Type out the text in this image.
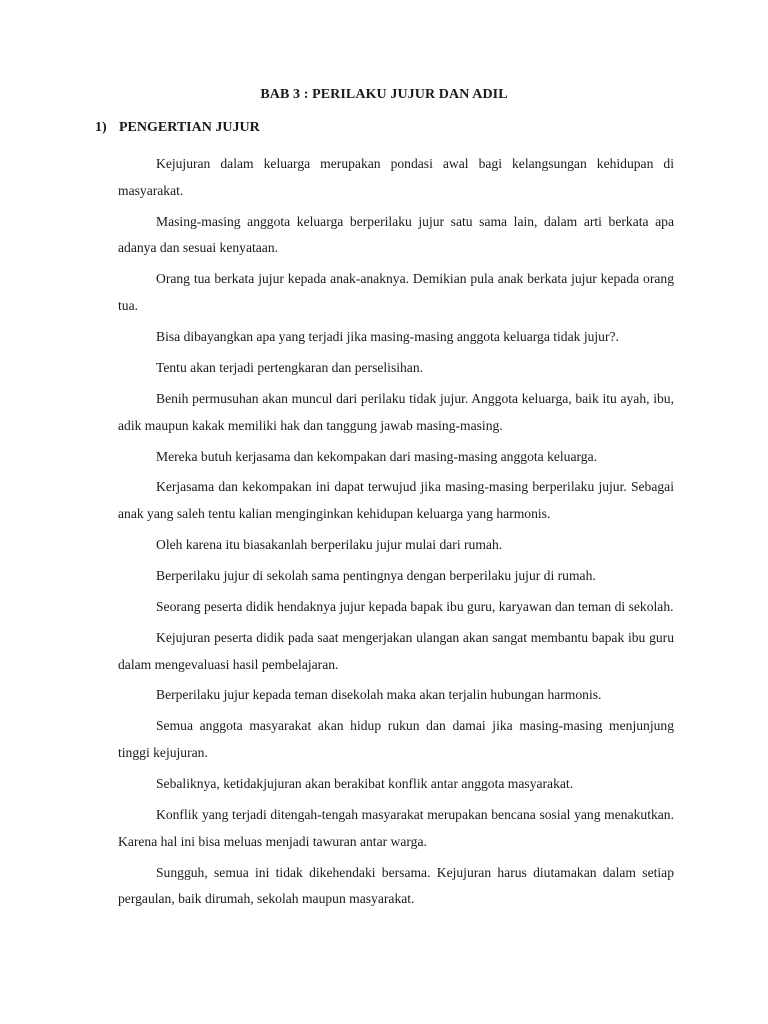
BAB 3 : PERILAKU JUJUR DAN ADIL
1) PENGERTIAN JUJUR

Kejujuran dalam keluarga merupakan pondasi awal bagi kelangsungan kehidupan di masyarakat.

Masing-masing anggota keluarga berperilaku jujur satu sama lain, dalam arti berkata apa adanya dan sesuai kenyataan.

Orang tua berkata jujur kepada anak-anaknya. Demikian pula anak berkata jujur kepada orang tua.

Bisa dibayangkan apa yang terjadi jika masing-masing anggota keluarga tidak jujur?.

Tentu akan terjadi pertengkaran dan perselisihan.

Benih permusuhan akan muncul dari perilaku tidak jujur. Anggota keluarga, baik itu ayah, ibu, adik maupun kakak memiliki hak dan tanggung jawab masing-masing.

Mereka butuh kerjasama dan kekompakan dari masing-masing anggota keluarga.

Kerjasama dan kekompakan ini dapat terwujud jika masing-masing berperilaku jujur. Sebagai anak yang saleh tentu kalian menginginkan kehidupan keluarga yang harmonis.

Oleh karena itu biasakanlah berperilaku jujur mulai dari rumah.

Berperilaku jujur di sekolah sama pentingnya dengan berperilaku jujur di rumah.

Seorang peserta didik hendaknya jujur kepada bapak ibu guru, karyawan dan teman di sekolah.

Kejujuran peserta didik pada saat mengerjakan ulangan akan sangat membantu bapak ibu guru dalam mengevaluasi hasil pembelajaran.

Berperilaku jujur kepada teman disekolah maka akan terjalin hubungan harmonis.

Semua anggota masyarakat akan hidup rukun dan damai jika masing-masing menjunjung tinggi kejujuran.

Sebaliknya, ketidakjujuran akan berakibat konflik antar anggota masyarakat.

Konflik yang terjadi ditengah-tengah masyarakat merupakan bencana sosial yang menakutkan. Karena hal ini bisa meluas menjadi tawuran antar warga.

Sungguh, semua ini tidak dikehendaki bersama. Kejujuran harus diutamakan dalam setiap pergaulan, baik dirumah, sekolah maupun masyarakat.
